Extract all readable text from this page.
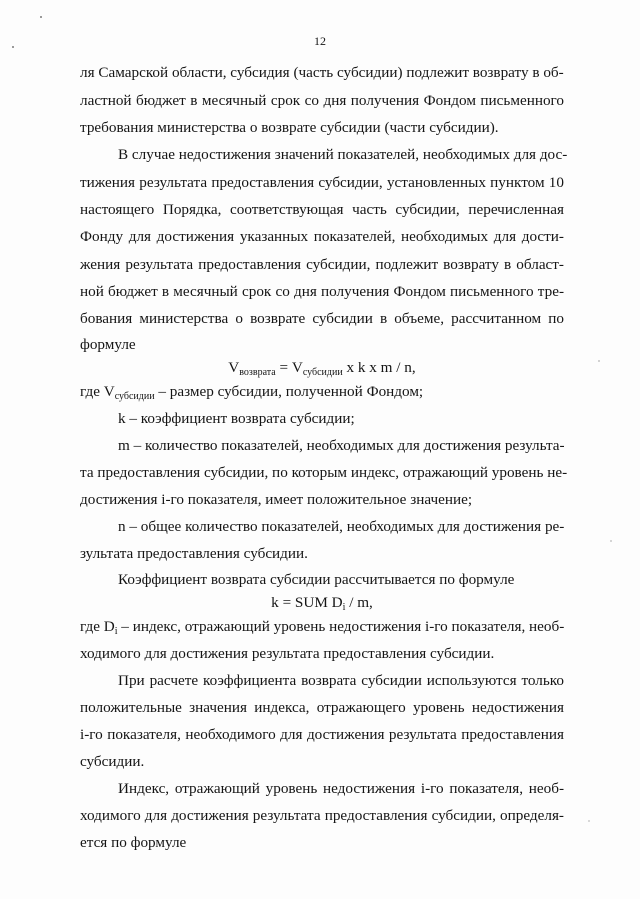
12
ля Самарской области, субсидия (часть субсидии) подлежит возврату в об-
ластной бюджет в месячный срок со дня получения Фондом письменного
требования министерства о возврате субсидии (части субсидии).
В случае недостижения значений показателей, необходимых для дос-
тижения результата предоставления субсидии, установленных пунктом 10
настоящего Порядка, соответствующая часть субсидии, перечисленная
Фонду для достижения указанных показателей, необходимых для дости-
жения результата предоставления субсидии, подлежит возврату в област-
ной бюджет в месячный срок со дня получения Фондом письменного тре-
бования министерства о возврате субсидии в объеме, рассчитанном по
формуле
$V_{возврата} = V_{субсидии}$ x k x m / n,
где $V_{субсидии}$ – размер субсидии, полученной Фондом;
k – коэффициент возврата субсидии;
m – количество показателей, необходимых для достижения результа-
та предоставления субсидии, по которым индекс, отражающий уровень не-
достижения i-го показателя, имеет положительное значение;
n – общее количество показателей, необходимых для достижения ре-
зультата предоставления субсидии.
Коэффициент возврата субсидии рассчитывается по формуле
k = SUM $D_i$ / m,
где $D_i$ – индекс, отражающий уровень недостижения i-го показателя, необ-
ходимого для достижения результата предоставления субсидии.
При расчете коэффициента возврата субсидии используются только
положительные значения индекса, отражающего уровень недостижения
i-го показателя, необходимого для достижения результата предоставления
субсидии.
Индекс, отражающий уровень недостижения i-го показателя, необ-
ходимого для достижения результата предоставления субсидии, определя-
ется по формуле
